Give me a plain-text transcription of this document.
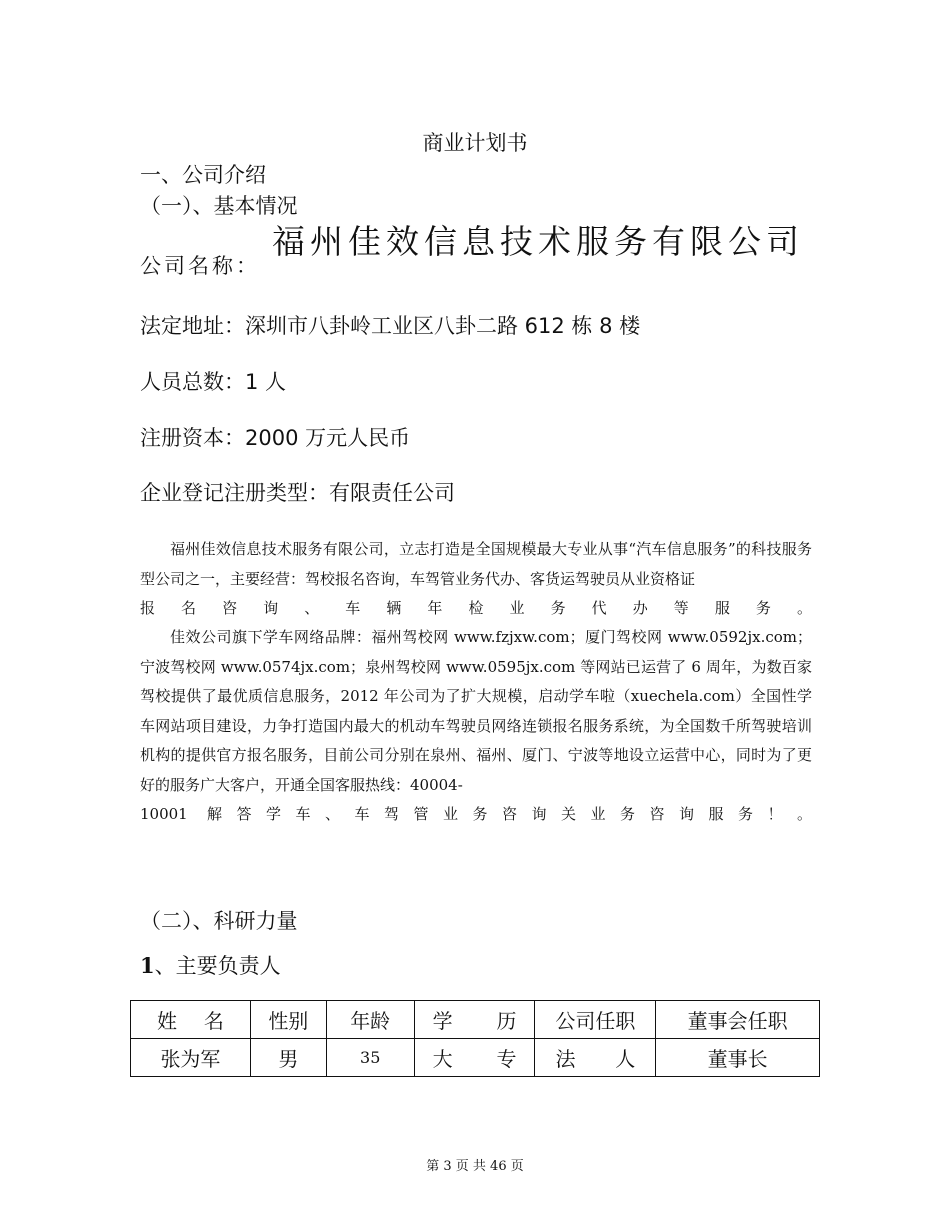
商业计划书
一、公司介绍
（一）、基本情况
公司名称：
福州佳效信息技术服务有限公司
法定地址：深圳市八卦岭工业区八卦二路 612 栋 8 楼
人员总数：1 人
注册资本：2000 万元人民币
企业登记注册类型：有限责任公司
福州佳效信息技术服务有限公司，立志打造是全国规模最大专业从事“汽车信息服务”的科技服务型公司之一，主要经营：驾校报名咨询，车驾管业务代办、客货运驾驶员从业资格证
报名咨询、车辆年检业务代办等服务。
佳效公司旗下学车网络品牌：福州驾校网 www.fzjxw.com；厦门驾校网 www.0592jx.com；宁波驾校网 www.0574jx.com；泉州驾校网 www.0595jx.com 等网站已运营了 6 周年，为数百家驾校提供了最优质信息服务，2012 年公司为了扩大规模，启动学车啦（xuechela.com）全国性学车网站项目建设，力争打造国内最大的机动车驾驶员网络连锁报名服务系统，为全国数千所驾驶培训机构的提供官方报名服务，目前公司分别在泉州、福州、厦门、宁波等地设立运营中心，同时为了更好的服务广大客户，开通全国客服热线：40004-
10001 解答学车、车驾管业务咨询关业务咨询服务！。
（二）、科研力量
1、主要负责人
姓名	性别	年龄	学历	公司任职	董事会任职
张为军	男	35	大专	法人	董事长
第 3 页 共 46 页
